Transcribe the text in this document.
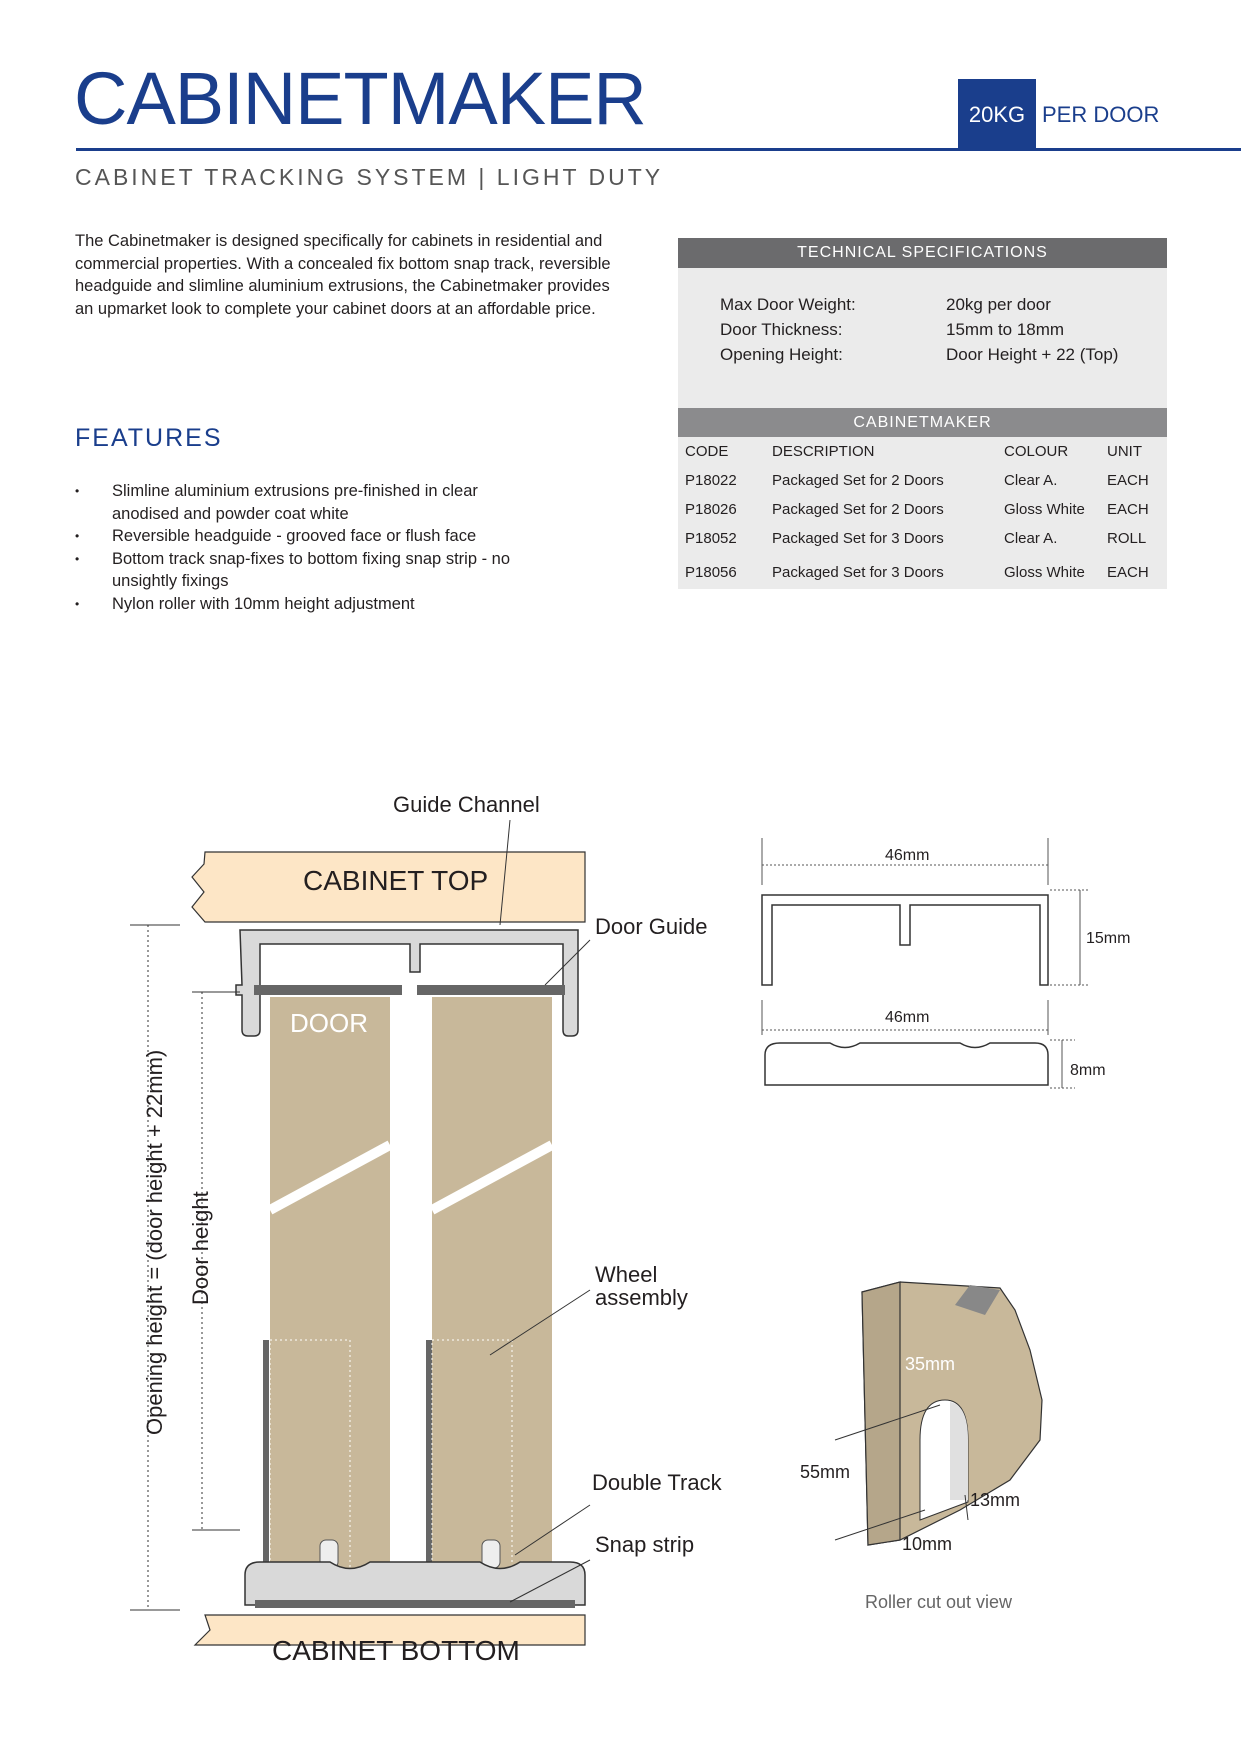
CABINETMAKER	20KG PER DOOR
CABINET TRACKING SYSTEM | LIGHT DUTY
The Cabinetmaker is designed specifically for cabinets in residential and commercial properties. With a concealed fix bottom snap track, reversible headguide and slimline aluminium extrusions, the Cabinetmaker provides an upmarket look to complete your cabinet doors at an affordable price.
FEATURES
• Slimline aluminium extrusions pre-finished in clear anodised and powder coat white
• Reversible headguide - grooved face or flush face
• Bottom track snap-fixes to bottom fixing snap strip - no unsightly fixings
• Nylon roller with 10mm height adjustment
TECHNICAL SPECIFICATIONS
Max Door Weight:	20kg per door
Door Thickness:	15mm to 18mm
Opening Height:	Door Height + 22 (Top)
CABINETMAKER
CODE	DESCRIPTION	COLOUR	UNIT
P18022 Packaged Set for 2 Doors	Clear A.	EACH
P18026 Packaged Set for 2 Doors	Gloss White EACH
P18052 Packaged Set for 3 Doors	Clear A.	ROLL
P18056 Packaged Set for 3 Doors	Gloss White EACH
Guide Channel
CABINET TOP
Door Guide
DOOR
Wheel
assembly
Double Track
Snap strip
CABINET BOTTOM
Opening height = (door height + 22mm) Door height
46mm
15mm
46mm
8mm
35mm
55mm
13mm
10mm
Roller cut out view
